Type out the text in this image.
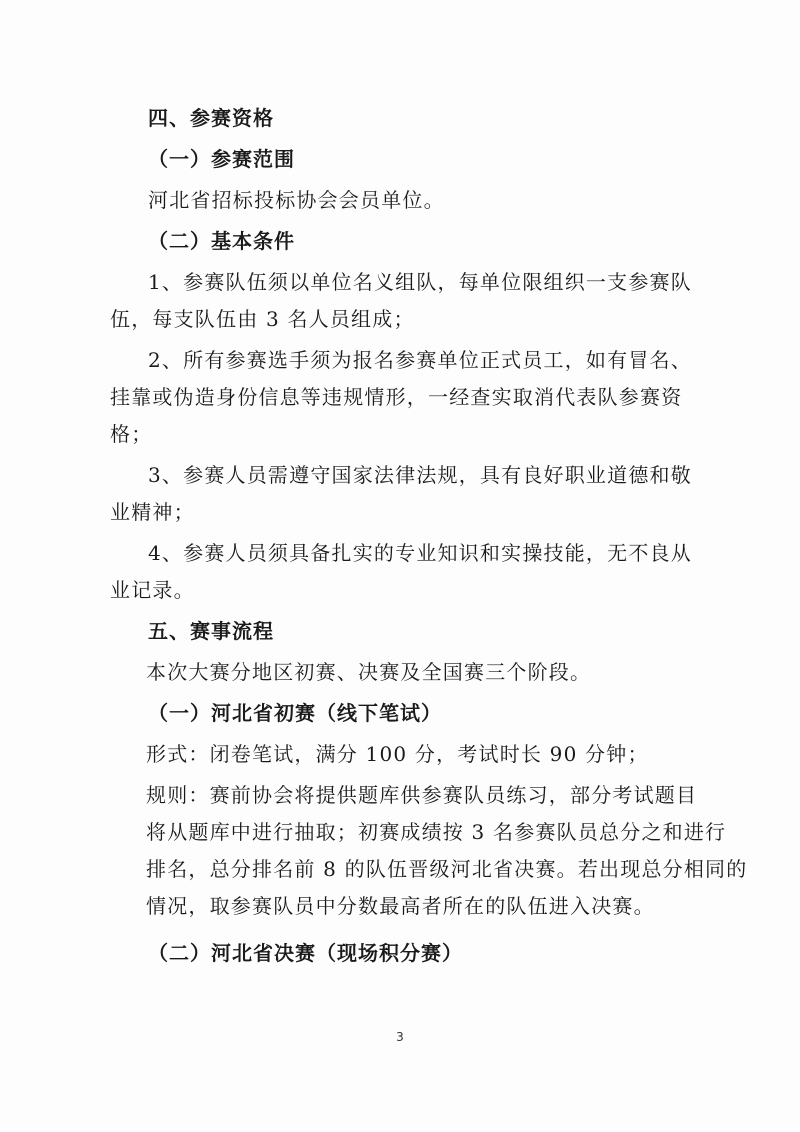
四、参赛资格
（一）参赛范围
河北省招标投标协会会员单位。
（二）基本条件
1、参赛队伍须以单位名义组队，每单位限组织一支参赛队
伍，每支队伍由 3 名人员组成；
2、所有参赛选手须为报名参赛单位正式员工，如有冒名、
挂靠或伪造身份信息等违规情形，一经查实取消代表队参赛资
格；
3、参赛人员需遵守国家法律法规，具有良好职业道德和敬
业精神；
4、参赛人员须具备扎实的专业知识和实操技能，无不良从
业记录。
五、赛事流程
本次大赛分地区初赛、决赛及全国赛三个阶段。
（一）河北省初赛（线下笔试）
形式：闭卷笔试，满分 100 分，考试时长 90 分钟；
规则：赛前协会将提供题库供参赛队员练习，部分考试题目
将从题库中进行抽取；初赛成绩按 3 名参赛队员总分之和进行
排名，总分排名前 8 的队伍晋级河北省决赛。若出现总分相同的
情况，取参赛队员中分数最高者所在的队伍进入决赛。
（二）河北省决赛（现场积分赛）
3
